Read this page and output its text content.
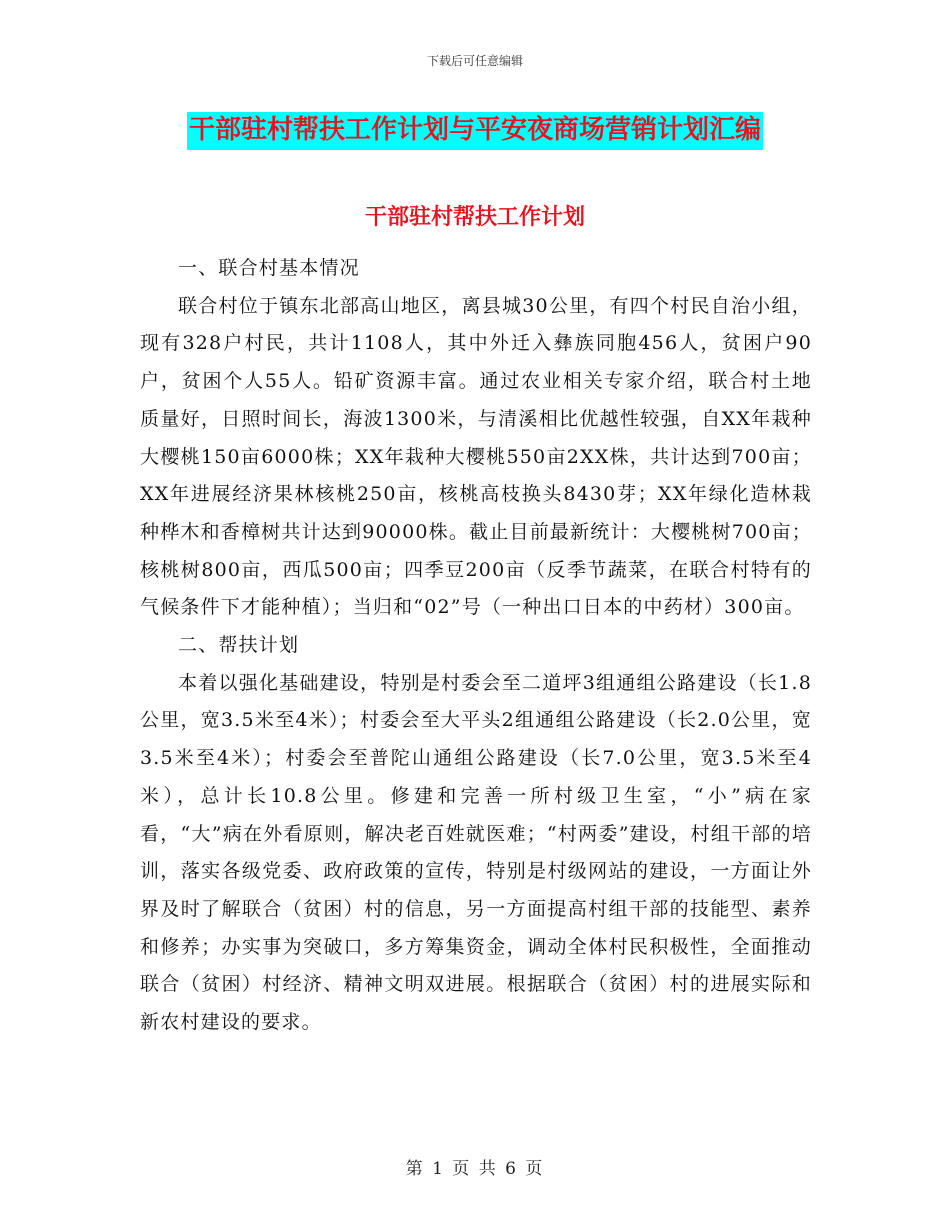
下载后可任意编辑
干部驻村帮扶工作计划与平安夜商场营销计划汇编
干部驻村帮扶工作计划

一、联合村基本情况

联合村位于镇东北部高山地区，离县城30公里，有四个村民自治小组，现有328户村民，共计1108人，其中外迁入彝族同胞456人，贫困户90户，贫困个人55人。铅矿资源丰富。通过农业相关专家介绍，联合村土地质量好，日照时间长，海波1300米，与清溪相比优越性较强，自XX年栽种大樱桃150亩6000株；XX年栽种大樱桃550亩2XX株，共计达到700亩；XX年进展经济果林核桃250亩，核桃高枝换头8430芽；XX年绿化造林栽种桦木和香樟树共计达到90000株。截止目前最新统计：大樱桃树700亩；核桃树800亩，西瓜500亩；四季豆200亩（反季节蔬菜，在联合村特有的气候条件下才能种植）；当归和“02”号（一种出口日本的中药材）300亩。

二、帮扶计划

本着以强化基础建设，特别是村委会至二道坪3组通组公路建设（长1.8公里，宽3.5米至4米）；村委会至大平头2组通组公路建设（长2.0公里，宽3.5米至4米）；村委会至普陀山通组公路建设（长7.0公里，宽3.5米至4米），总计长10.8公里。修建和完善一所村级卫生室，“小”病在家看，“大”病在外看原则，解决老百姓就医难；“村两委”建设，村组干部的培训，落实各级党委、政府政策的宣传，特别是村级网站的建设，一方面让外界及时了解联合（贫困）村的信息，另一方面提高村组干部的技能型、素养和修养；办实事为突破口，多方筹集资金，调动全体村民积极性，全面推动联合（贫困）村经济、精神文明双进展。根据联合（贫困）村的进展实际和新农村建设的要求。

第 1 页 共 6 页
